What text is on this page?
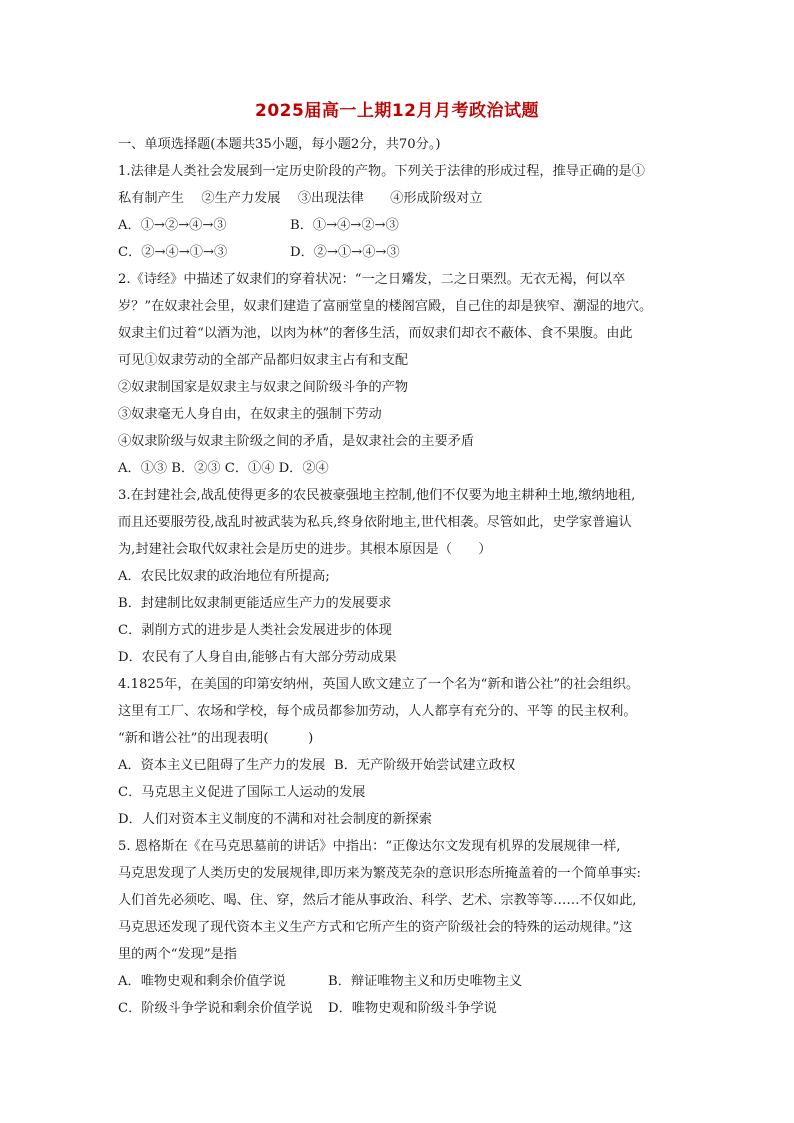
2025届高一上期12月月考政治试题

一、单项选择题(本题共35小题，每小题2分，共70分。)

1.法律是人类社会发展到一定历史阶段的产物。下列关于法律的形成过程，推导正确的是①

私有制产生　 ②生产力发展　 ③出现法律　　④形成阶级对立

A．①→②→④→③	B．①→④→②→③
C．②→④→①→③	D．②→①→④→③

2.《诗经》中描述了奴隶们的穿着状况：“一之日觱发，二之日栗烈。无衣无褐，何以卒

岁？”在奴隶社会里，奴隶们建造了富丽堂皇的楼阁宫殿，自己住的却是狭窄、潮湿的地穴。

奴隶主们过着“以酒为池，以肉为林”的奢侈生活，而奴隶们却衣不蔽体、食不果腹。由此

可见①奴隶劳动的全部产品都归奴隶主占有和支配

②奴隶制国家是奴隶主与奴隶之间阶级斗争的产物

③奴隶毫无人身自由，在奴隶主的强制下劳动

④奴隶阶级与奴隶主阶级之间的矛盾，是奴隶社会的主要矛盾

A．①③ B．②③ C．①④ D．②④

3.在封建社会,战乱使得更多的农民被豪强地主控制,他们不仅要为地主耕种土地,缴纳地租,

而且还要服劳役,战乱时被武装为私兵,终身依附地主,世代相袭。尽管如此，史学家普遍认

为,封建社会取代奴隶社会是历史的进步。其根本原因是（　　）

A．农民比奴隶的政治地位有所提高;

B．封建制比奴隶制更能适应生产力的发展要求

C．剥削方式的进步是人类社会发展进步的体现

D．农民有了人身自由,能够占有大部分劳动成果

4.1825年，在美国的印第安纳州，英国人欧文建立了一个名为“新和谐公社”的社会组织。

这里有工厂、农场和学校，每个成员都参加劳动，人人都享有充分的、平等 的民主权利。

“新和谐公社”的出现表明(　　　)

A．资本主义已阻碍了生产力的发展 B．无产阶级开始尝试建立政权

C．马克思主义促进了国际工人运动的发展

D．人们对资本主义制度的不满和对社会制度的新探索

5. 恩格斯在《在马克思墓前的讲话》中指出：“正像达尔文发现有机界的发展规律一样,

马克思发现了人类历史的发展规律,即历来为繁茂芜杂的意识形态所掩盖着的一个简单事实:

人们首先必须吃、喝、住、穿，然后才能从事政治、科学、艺术、宗教等等……不仅如此,

马克思还发现了现代资本主义生产方式和它所产生的资产阶级社会的特殊的运动规律。”这

里的两个“发现”是指

A．唯物史观和剩余价值学说	B．辩证唯物主义和历史唯物主义
C．阶级斗争学说和剩余价值学说	D．唯物史观和阶级斗争学说
